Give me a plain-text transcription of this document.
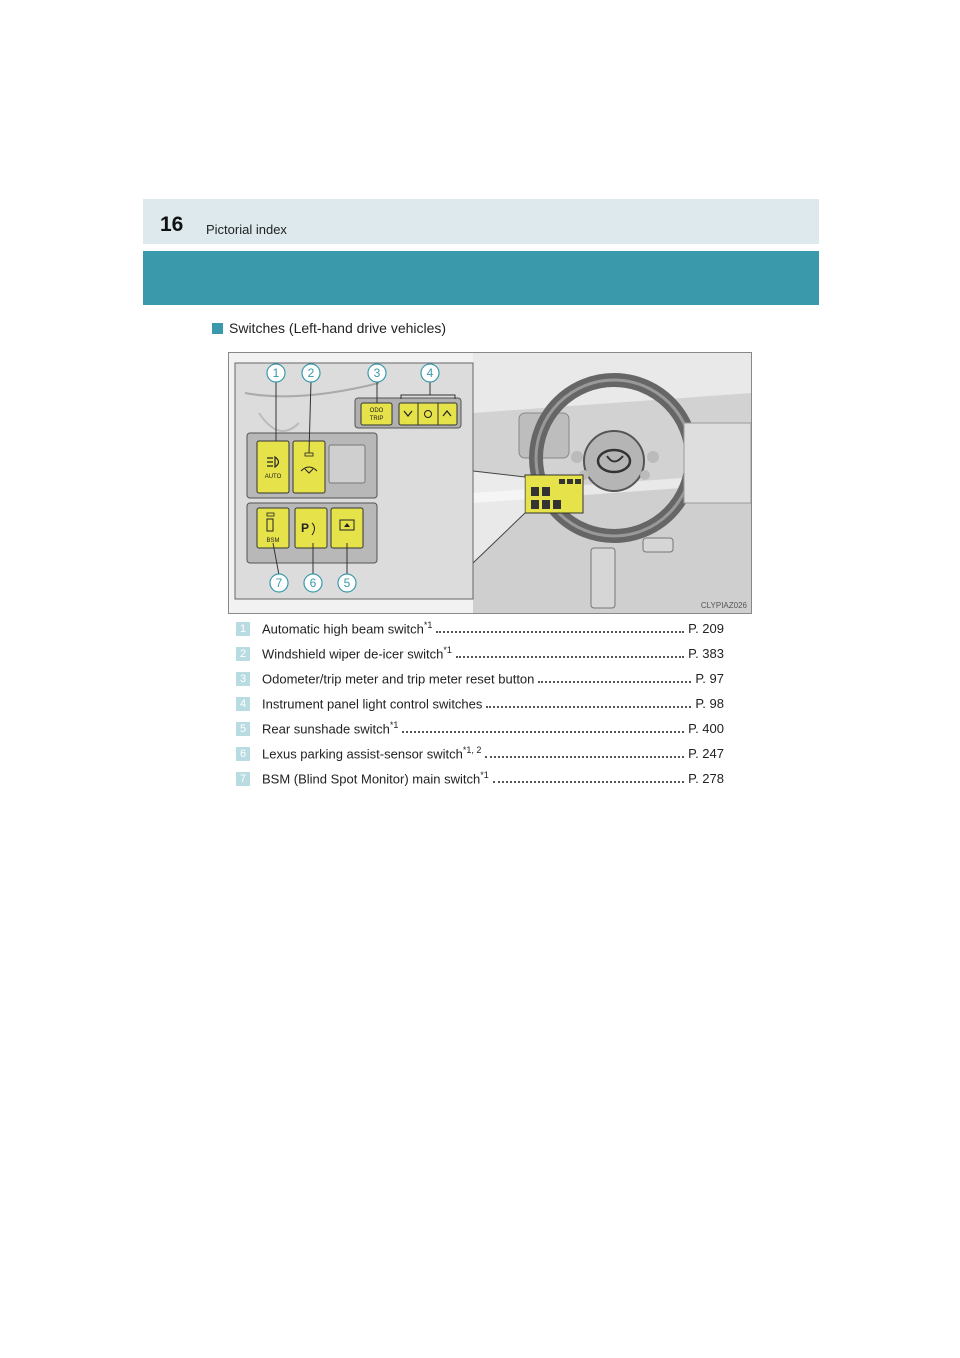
16 Pictorial index
Switches (Left-hand drive vehicles)
ODO
TRIP
AUTO
BSM
P
1 2	3	4
5
6
7
CLYPIAZ026
1	Automatic high beam switch$^{*1}$	P. 209
2	Windshield wiper de-icer switch$^{*1}$	P. 383
3	Odometer/trip meter and trip meter reset button	P. 97
4	Instrument panel light control switches	P. 98
5	Rear sunshade switch$^{*1}$	P. 400
6	Lexus parking assist-sensor switch$^{*1, 2}$	P. 247
7	BSM (Blind Spot Monitor) main switch$^{*1}$	P. 278
